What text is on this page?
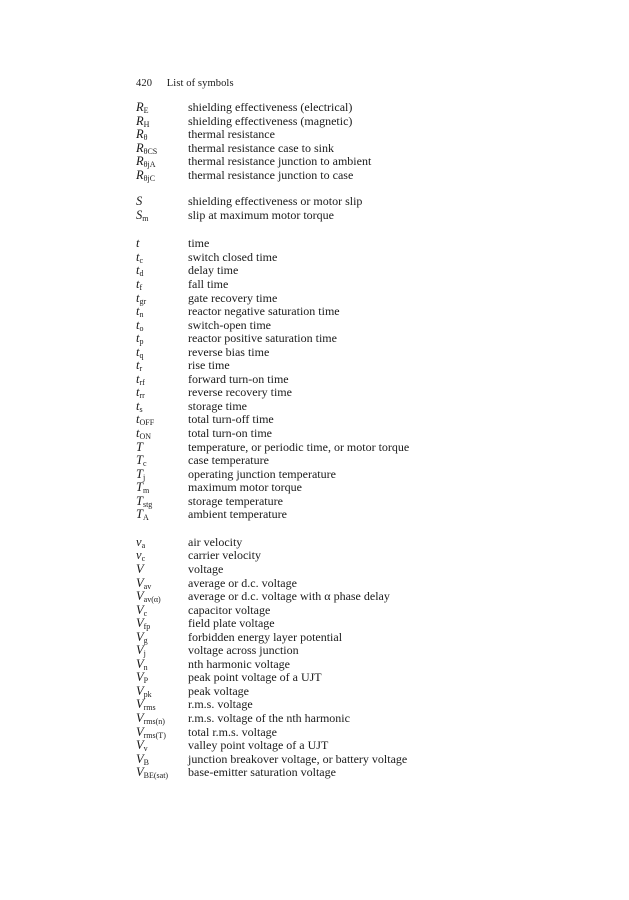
420 List of symbols
$R_E$	shielding effectiveness (electrical)
$R_H$	shielding effectiveness (magnetic)
$R_\theta$	thermal resistance
$R_{\theta CS}$	thermal resistance case to sink
$R_{\theta jA}$	thermal resistance junction to ambient
$R_{\theta jC}$	thermal resistance junction to case
S	shielding effectiveness or motor slip
$S_m$	slip at maximum motor torque
t	time
$t_c$	switch closed time
$t_d$	delay time
$t_f$	fall time
$t_{gr}$	gate recovery time
$t_n$	reactor negative saturation time
$t_o$	switch-open time
$t_p$	reactor positive saturation time
$t_q$	reverse bias time
$t_r$	rise time
$t_{rf}$	forward turn-on time
$t_{rr}$	reverse recovery time
$t_s$	storage time
$t_{OFF}$	total turn-off time
$t_{ON}$	total turn-on time
T	temperature, or periodic time, or motor torque
$T_c$	case temperature
$T_j$	operating junction temperature
$T_m$	maximum motor torque
$T_{stg}$	storage temperature
$T_A$	ambient temperature
$v_a$	air velocity
$v_c$	carrier velocity
V	voltage
$V_{av}$	average or d.c. voltage
$V_{av(\alpha)}$	average or d.c. voltage with α phase delay
$V_c$	capacitor voltage
$V_{fp}$	field plate voltage
$V_g$	forbidden energy layer potential
$V_j$	voltage across junction
$V_n$	nth harmonic voltage
$V_P$	peak point voltage of a UJT
$V_{pk}$	peak voltage
$V_{rms}$	r.m.s. voltage
$V_{rms(n)}$	r.m.s. voltage of the nth harmonic
$V_{rms(T)}$	total r.m.s. voltage
$V_v$	valley point voltage of a UJT
$V_B$	junction breakover voltage, or battery voltage
$V_{BE(sat)}$	base-emitter saturation voltage
